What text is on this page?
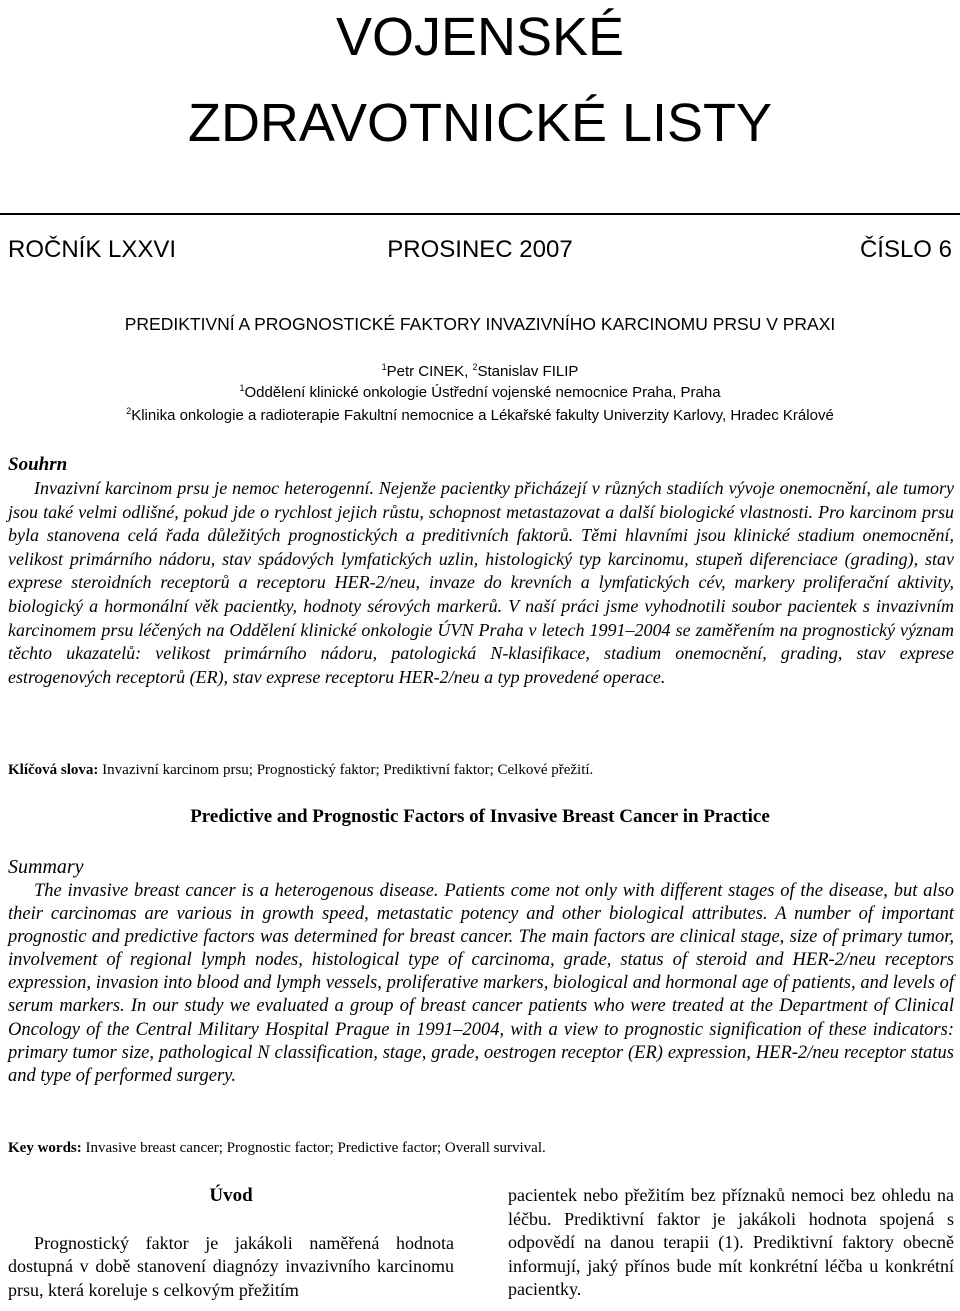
VOJENSKÉ
ZDRAVOTNICKÉ LISTY
ROČNÍK LXXVI	PROSINEC 2007	ČÍSLO 6
PREDIKTIVNÍ A PROGNOSTICKÉ FAKTORY INVAZIVNÍHO KARCINOMU PRSU V PRAXI
$^1$Petr CINEK, $^2$Stanislav FILIP
$^1$Oddělení klinické onkologie Ústřední vojenské nemocnice Praha, Praha
$^2$Klinika onkologie a radioterapie Fakultní nemocnice a Lékařské fakulty Univerzity Karlovy, Hradec Králové
Souhrn
Invazivní karcinom prsu je nemoc heterogenní. Nejenže pacientky přicházejí v různých stadiích vývoje onemocnění, ale tumory jsou také velmi odlišné, pokud jde o rychlost jejich růstu, schopnost metastazovat a další biologické vlastnosti. Pro karcinom prsu byla stanovena celá řada důležitých prognostických a preditivních faktorů. Těmi hlavními jsou klinické stadium onemocnění, velikost primárního nádoru, stav spádových lymfatických uzlin, histologický typ karcinomu, stupeň diferenciace (grading), stav exprese steroidních receptorů a receptoru HER-2/neu, invaze do krevních a lymfatických cév, markery proliferační aktivity, biologický a hormonální věk pacientky, hodnoty sérových markerů. V naší práci jsme vyhodnotili soubor pacientek s invazivním karcinomem prsu léčených na Oddělení klinické onkologie ÚVN Praha v letech 1991–2004 se zaměřením na prognostický význam těchto ukazatelů: velikost primárního nádoru, patologická N-klasifikace, stadium onemocnění, grading, stav exprese estrogenových receptorů (ER), stav exprese receptoru HER-2/neu a typ provedené operace.
Klíčová slova: Invazivní karcinom prsu; Prognostický faktor; Prediktivní faktor; Celkové přežití.
Predictive and Prognostic Factors of Invasive Breast Cancer in Practice
Summary
The invasive breast cancer is a heterogenous disease. Patients come not only with different stages of the disease, but also their carcinomas are various in growth speed, metastatic potency and other biological attributes. A number of important prognostic and predictive factors was determined for breast cancer. The main factors are clinical stage, size of primary tumor, involvement of regional lymph nodes, histological type of carcinoma, grade, status of steroid and HER-2/neu receptors expression, invasion into blood and lymph vessels, proliferative markers, biological and hormonal age of patients, and levels of serum markers. In our study we evaluated a group of breast cancer patients who were treated at the Department of Clinical Oncology of the Central Military Hospital Prague in 1991–2004, with a view to prognostic signification of these indicators: primary tumor size, pathological N classification, stage, grade, oestrogen receptor (ER) expression, HER-2/neu receptor status and type of performed surgery.
Key words: Invasive breast cancer; Prognostic factor; Predictive factor; Overall survival.

Úvod

Prognostický faktor je jakákoli naměřená hodnota dostupná v době stanovení diagnózy invazivního karcinomu prsu, která koreluje s celkovým přežitím

pacientek nebo přežitím bez příznaků nemoci bez ohledu na léčbu. Prediktivní faktor je jakákoli hodnota spojená s odpovědí na danou terapii (1). Prediktivní faktory obecně informují, jaký přínos bude mít konkrétní léčba u konkrétní pacientky.
